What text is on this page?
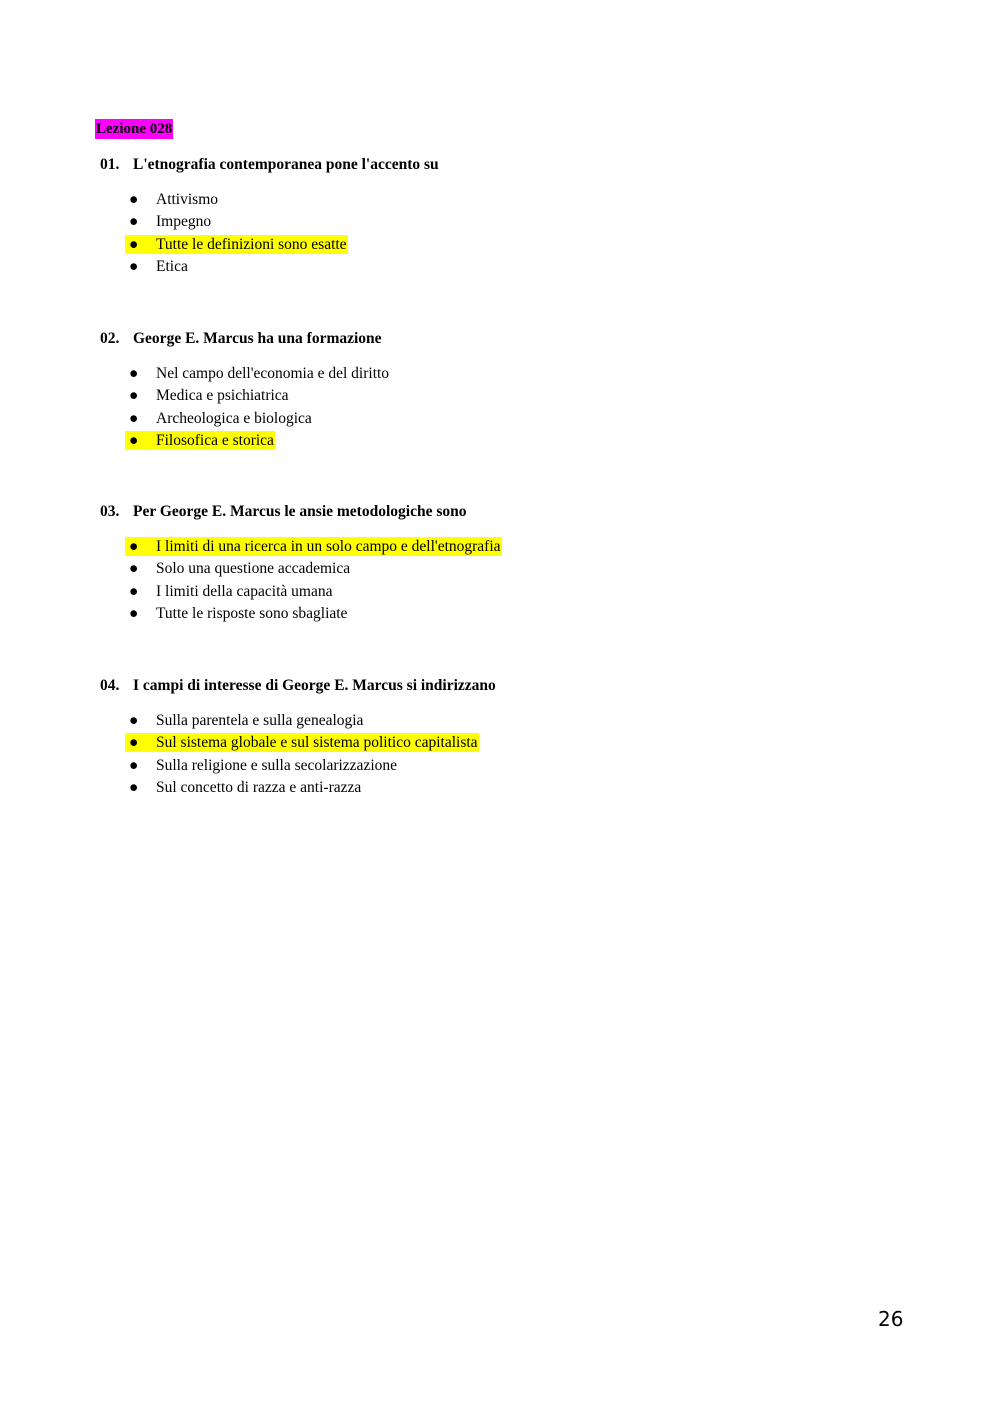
Lezione 028
01. L'etnografia contemporanea pone l'accento su
● Attivismo
● Impegno
● Tutte le definizioni sono esatte
● Etica
02. George E. Marcus ha una formazione
● Nel campo dell'economia e del diritto
● Medica e psichiatrica
● Archeologica e biologica
● Filosofica e storica
03. Per George E. Marcus le ansie metodologiche sono
● I limiti di una ricerca in un solo campo e dell'etnografia
● Solo una questione accademica
● I limiti della capacità umana
● Tutte le risposte sono sbagliate
04. I campi di interesse di George E. Marcus si indirizzano
● Sulla parentela e sulla genealogia
● Sul sistema globale e sul sistema politico capitalista
● Sulla religione e sulla secolarizzazione
● Sul concetto di razza e anti-razza
26
